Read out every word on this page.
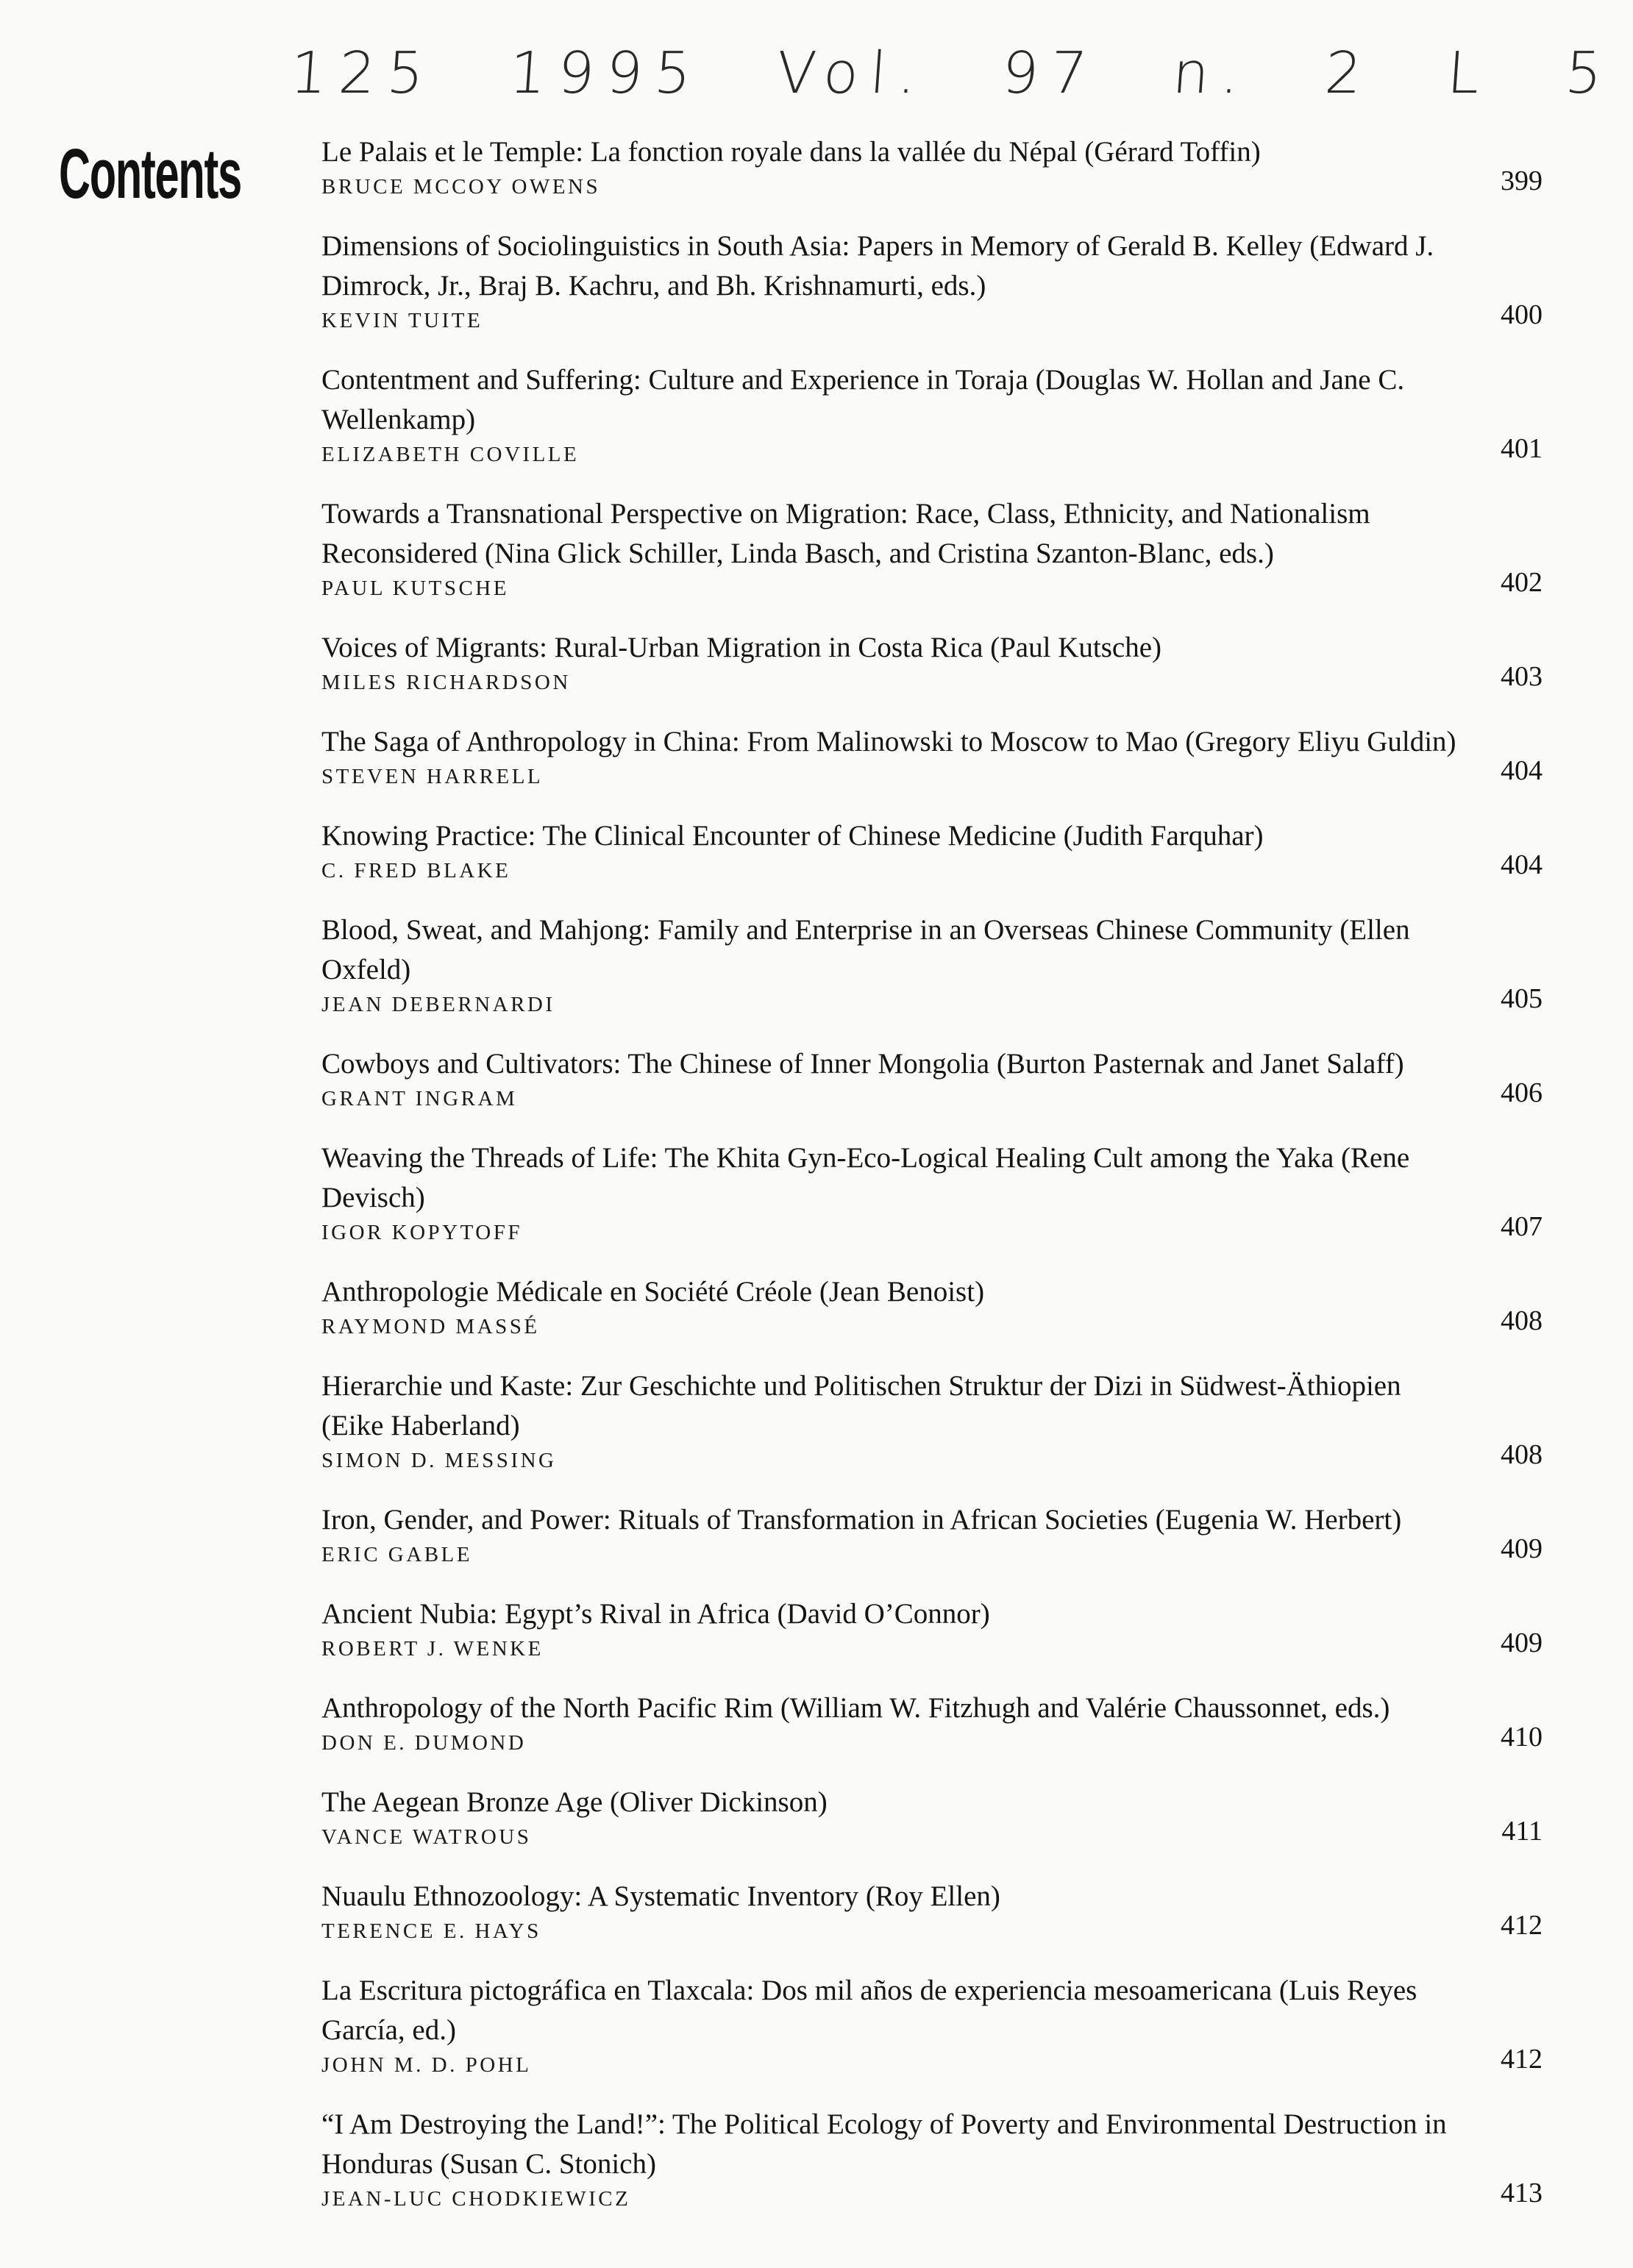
125 1995 Vol. 97 n. 2 L 5
Contents	Le Palais et le Temple: La fonction royale dans la vallée du Népal (Gérard Toffin)
BRUCE MCCOY OWENS	399
Dimensions of Sociolinguistics in South Asia: Papers in Memory of Gerald B. Kelley (Edward J. Dimrock, Jr., Braj B. Kachru, and Bh. Krishnamurti, eds.)
KEVIN TUITE	400
Contentment and Suffering: Culture and Experience in Toraja (Douglas W. Hollan and Jane C. Wellenkamp)
ELIZABETH COVILLE	401
Towards a Transnational Perspective on Migration: Race, Class, Ethnicity, and Nationalism Reconsidered (Nina Glick Schiller, Linda Basch, and Cristina Szanton-Blanc, eds.)
PAUL KUTSCHE	402
Voices of Migrants: Rural-Urban Migration in Costa Rica (Paul Kutsche)
MILES RICHARDSON	403
The Saga of Anthropology in China: From Malinowski to Moscow to Mao (Gregory Eliyu Guldin)
STEVEN HARRELL	404
Knowing Practice: The Clinical Encounter of Chinese Medicine (Judith Farquhar)
C. FRED BLAKE	404
Blood, Sweat, and Mahjong: Family and Enterprise in an Overseas Chinese Community (Ellen Oxfeld)
JEAN DEBERNARDI	405
Cowboys and Cultivators: The Chinese of Inner Mongolia (Burton Pasternak and Janet Salaff)
GRANT INGRAM	406
Weaving the Threads of Life: The Khita Gyn-Eco-Logical Healing Cult among the Yaka (Rene Devisch)
IGOR KOPYTOFF	407
Anthropologie Médicale en Société Créole (Jean Benoist)
RAYMOND MASSÉ	408
Hierarchie und Kaste: Zur Geschichte und Politischen Struktur der Dizi in Südwest-Äthiopien (Eike Haberland)
SIMON D. MESSING	408
Iron, Gender, and Power: Rituals of Transformation in African Societies (Eugenia W. Herbert)
ERIC GABLE	409
Ancient Nubia: Egypt’s Rival in Africa (David O’Connor)
ROBERT J. WENKE	409
Anthropology of the North Pacific Rim (William W. Fitzhugh and Valérie Chaussonnet, eds.)
DON E. DUMOND	410
The Aegean Bronze Age (Oliver Dickinson)
VANCE WATROUS	411
Nuaulu Ethnozoology: A Systematic Inventory (Roy Ellen)
TERENCE E. HAYS	412
La Escritura pictográfica en Tlaxcala: Dos mil años de experiencia mesoamericana (Luis Reyes García, ed.)
JOHN M. D. POHL	412
“I Am Destroying the Land!”: The Political Ecology of Poverty and Environmental Destruction in Honduras (Susan C. Stonich)
JEAN-LUC CHODKIEWICZ	413
